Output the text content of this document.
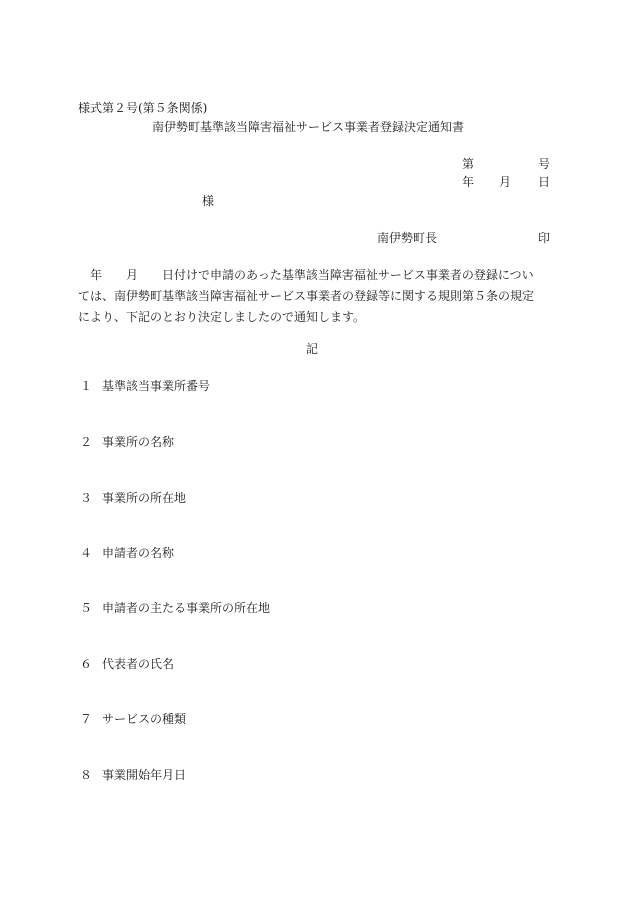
様式第２号(第５条関係)
南伊勢町基準該当障害福祉サービス事業者登録決定通知書
第	号
年 月 日
様
南伊勢町長	印
　年　　月　　日付けで申請のあった基準該当障害福祉サービス事業者の登録につい
ては、南伊勢町基準該当障害福祉サービス事業者の登録等に関する規則第５条の規定
により、下記のとおり決定しましたので通知します。
記
１ 基準該当事業所番号
２ 事業所の名称
３ 事業所の所在地
４ 申請者の名称
５ 申請者の主たる事業所の所在地
６ 代表者の氏名
７ サービスの種類
８ 事業開始年月日
